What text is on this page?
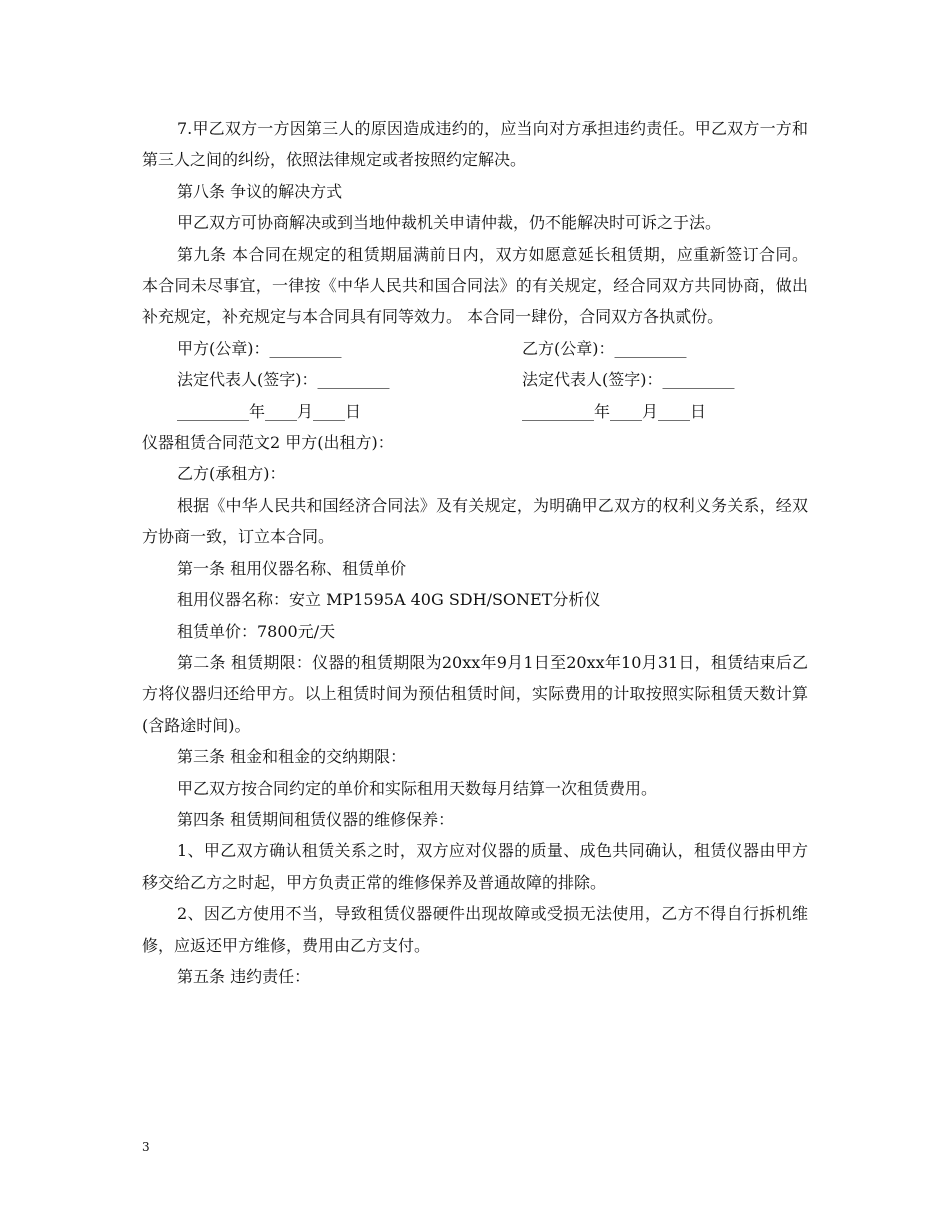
7.甲乙双方一方因第三人的原因造成违约的，应当向对方承担违约责任。甲乙双方一方和第三人之间的纠纷，依照法律规定或者按照约定解决。

第八条 争议的解决方式

甲乙双方可协商解决或到当地仲裁机关申请仲裁，仍不能解决时可诉之于法。

第九条 本合同在规定的租赁期届满前日内，双方如愿意延长租赁期，应重新签订合同。 本合同未尽事宜，一律按《中华人民共和国合同法》的有关规定，经合同双方共同协商，做出补充规定，补充规定与本合同具有同等效力。 本合同一肆份，合同双方各执贰份。

甲方(公章)：_________	乙方(公章)：_________
法定代表人(签字)：_________	法定代表人(签字)：_________
_________年____月____日	_________年____月____日

仪器租赁合同范文2 甲方(出租方)：

乙方(承租方)：

根据《中华人民共和国经济合同法》及有关规定，为明确甲乙双方的权利义务关系，经双方协商一致，订立本合同。

第一条 租用仪器名称、租赁单价

租用仪器名称：安立 MP1595A 40G SDH/SONET分析仪

租赁单价：7800元/天

第二条 租赁期限：仪器的租赁期限为20xx年9月1日至20xx年10月31日，租赁结束后乙方将仪器归还给甲方。以上租赁时间为预估租赁时间，实际费用的计取按照实际租赁天数计算(含路途时间)。

第三条 租金和租金的交纳期限：

甲乙双方按合同约定的单价和实际租用天数每月结算一次租赁费用。

第四条 租赁期间租赁仪器的维修保养：

1、甲乙双方确认租赁关系之时，双方应对仪器的质量、成色共同确认，租赁仪器由甲方移交给乙方之时起，甲方负责正常的维修保养及普通故障的排除。

2、因乙方使用不当，导致租赁仪器硬件出现故障或受损无法使用，乙方不得自行拆机维修，应返还甲方维修，费用由乙方支付。

第五条 违约责任：

3
